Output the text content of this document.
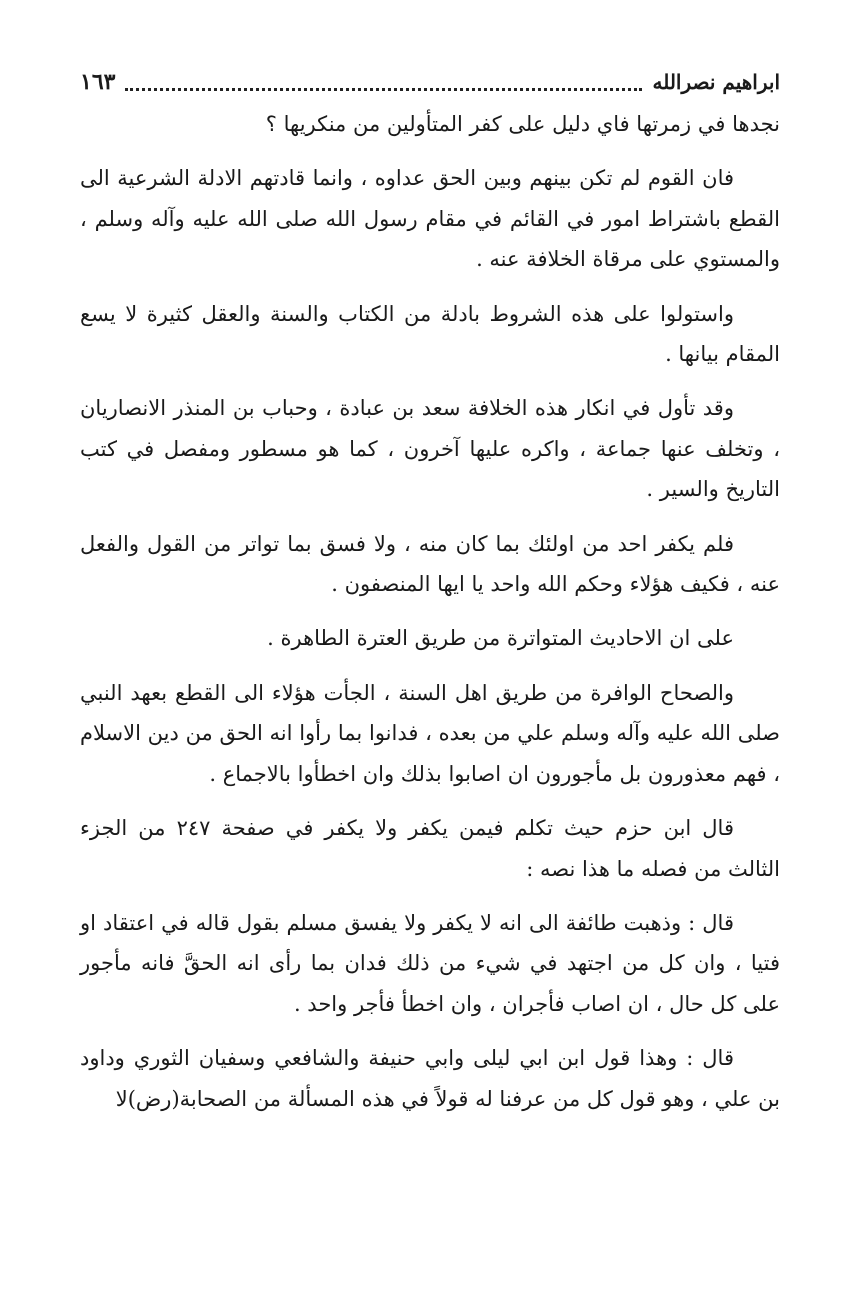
ابراهيم نصرالله
١٦٣

نجدها في زمرتها فاي دليل على كفر المتأولين من منكريها ؟

فان القوم لم تكن بينهم وبين الحق عداوه ، وانما قادتهم الادلة الشرعية الى القطع باشتراط امور في القائم في مقام رسول الله صلى الله عليه وآله وسلم ، والمستوي على مرقاة الخلافة عنه .

واستولوا على هذه الشروط بادلة من الكتاب والسنة والعقل كثيرة لا يسع المقام بيانها .

وقد تأول في انكار هذه الخلافة سعد بن عبادة ، وحباب بن المنذر الانصاريان ، وتخلف عنها جماعة ، واكره عليها آخرون ، كما هو مسطور ومفصل في كتب التاريخ والسير .

فلم يكفر احد من اولئك بما كان منه ، ولا فسق بما تواتر من القول والفعل عنه ، فكيف هؤلاء وحكم الله واحد يا ايها المنصفون .

على ان الاحاديث المتواترة من طريق العترة الطاهرة .

والصحاح الوافرة من طريق اهل السنة ، الجأت هؤلاء الى القطع بعهد النبي صلى الله عليه وآله وسلم علي من بعده ، فدانوا بما رأوا انه الحق من دين الاسلام ، فهم معذورون بل مأجورون ان اصابوا بذلك وان اخطأوا بالاجماع .

قال ابن حزم حيث تكلم فيمن يكفر ولا يكفر في صفحة ٢٤٧ من الجزء الثالث من فصله ما هذا نصه :

قال : وذهبت طائفة الى انه لا يكفر ولا يفسق مسلم بقول قاله في اعتقاد او فتيا ، وان كل من اجتهد في شيء من ذلك فدان بما رأى انه الحقَّ فانه مأجور على كل حال ، ان اصاب فأجران ، وان اخطأ فأجر واحد .

قال : وهذا قول ابن ابي ليلى وابي حنيفة والشافعي وسفيان الثوري وداود بن علي ، وهو قول كل من عرفنا له قولاً في هذه المسألة من الصحابة(رض)لا
